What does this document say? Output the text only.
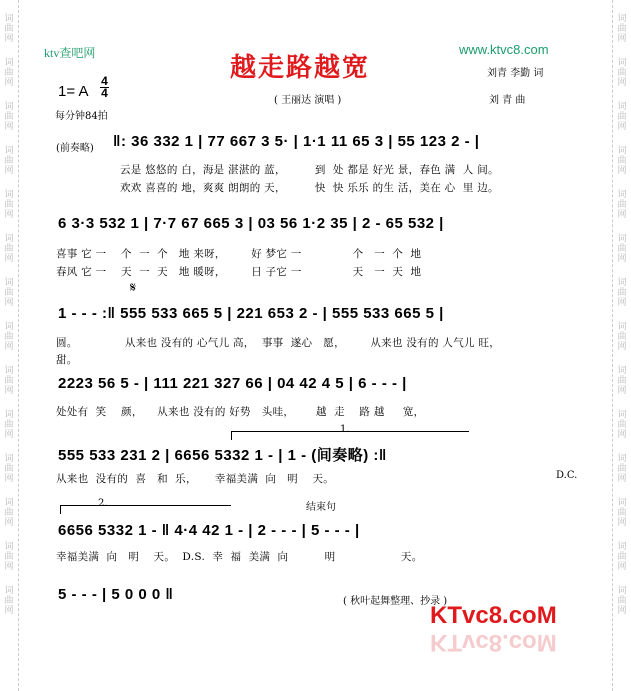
词
曲
网
词
曲
网
词
曲
网
词
曲
网
词
曲
网
词
曲
网
词
曲
网
词
曲
网
词
曲
网
词
曲
网
词
曲
网
词
曲
网
词
曲
网
词
曲
网
词
曲
网
词
曲
网
词
曲
网
词
曲
网
词
曲
网
词
曲
网
词
曲
网
词
曲
网
词
曲
网
词
曲
网
词
曲
网
词
曲
网
词
曲
网
词
曲
网
ktv查吧网	www.ktvc8.com
越走路越宽	刘青 李勤 词
刘 青 曲
1= A
4
4
每分钟84拍
( 王丽达 演唱 )
(前奏略) ‖: 36 332 1 | 77 667 3 5· | 1·1 11 65 3 | 55 123 2 - |
云是 悠悠的 白，海是 湛湛的 蓝，        到  处 都是 好光 景，春色 满  人 间。
欢欢 喜喜的 地，爽爽 朗朗的 天，        快  快 乐乐 的生 活，美在 心  里 边。
6 3·3 532 1 | 7·7 67 665 3 | 03 56 1·2 35 | 2 - 65 532 |
喜事 它 一    个  一  个   地 来呀，       好 梦它 一              个   一  个  地
春风 它 一    天  一  天   地 暖呀，       日 子它 一              天   一  天  地
𝄋
1 - - - :‖ 555 533 665 5 | 221 653 2 - | 555 533 665 5 |
圆。             从来也 没有的 心气儿 高，  事事  遂心   愿，       从来也 没有的 人气儿 旺，
甜。
2223 56 5 - | 111 221 327 66 | 04 42 4 5 | 6 - - - |
处处有  笑    颜，    从来也 没有的 好势   头哇，      越  走    路 越     宽，
1.
555 533 231 2 | 6656 5332 1 - | 1 - (间奏略) :‖
从来也  没有的  喜   和  乐，     幸福美满  向   明    天。	D.C.
2.	结束句
6656 5332 1 - ‖ 4·4 42 1 - | 2 - - - | 5 - - - |
幸福美满  向   明    天。  D.S.  幸  福  美满  向          明                  天。
5 - - - | 5 0 0 0 ‖	( 秋叶起舞整理、抄录 )
KTvc8.coM
KTvc8.coM
